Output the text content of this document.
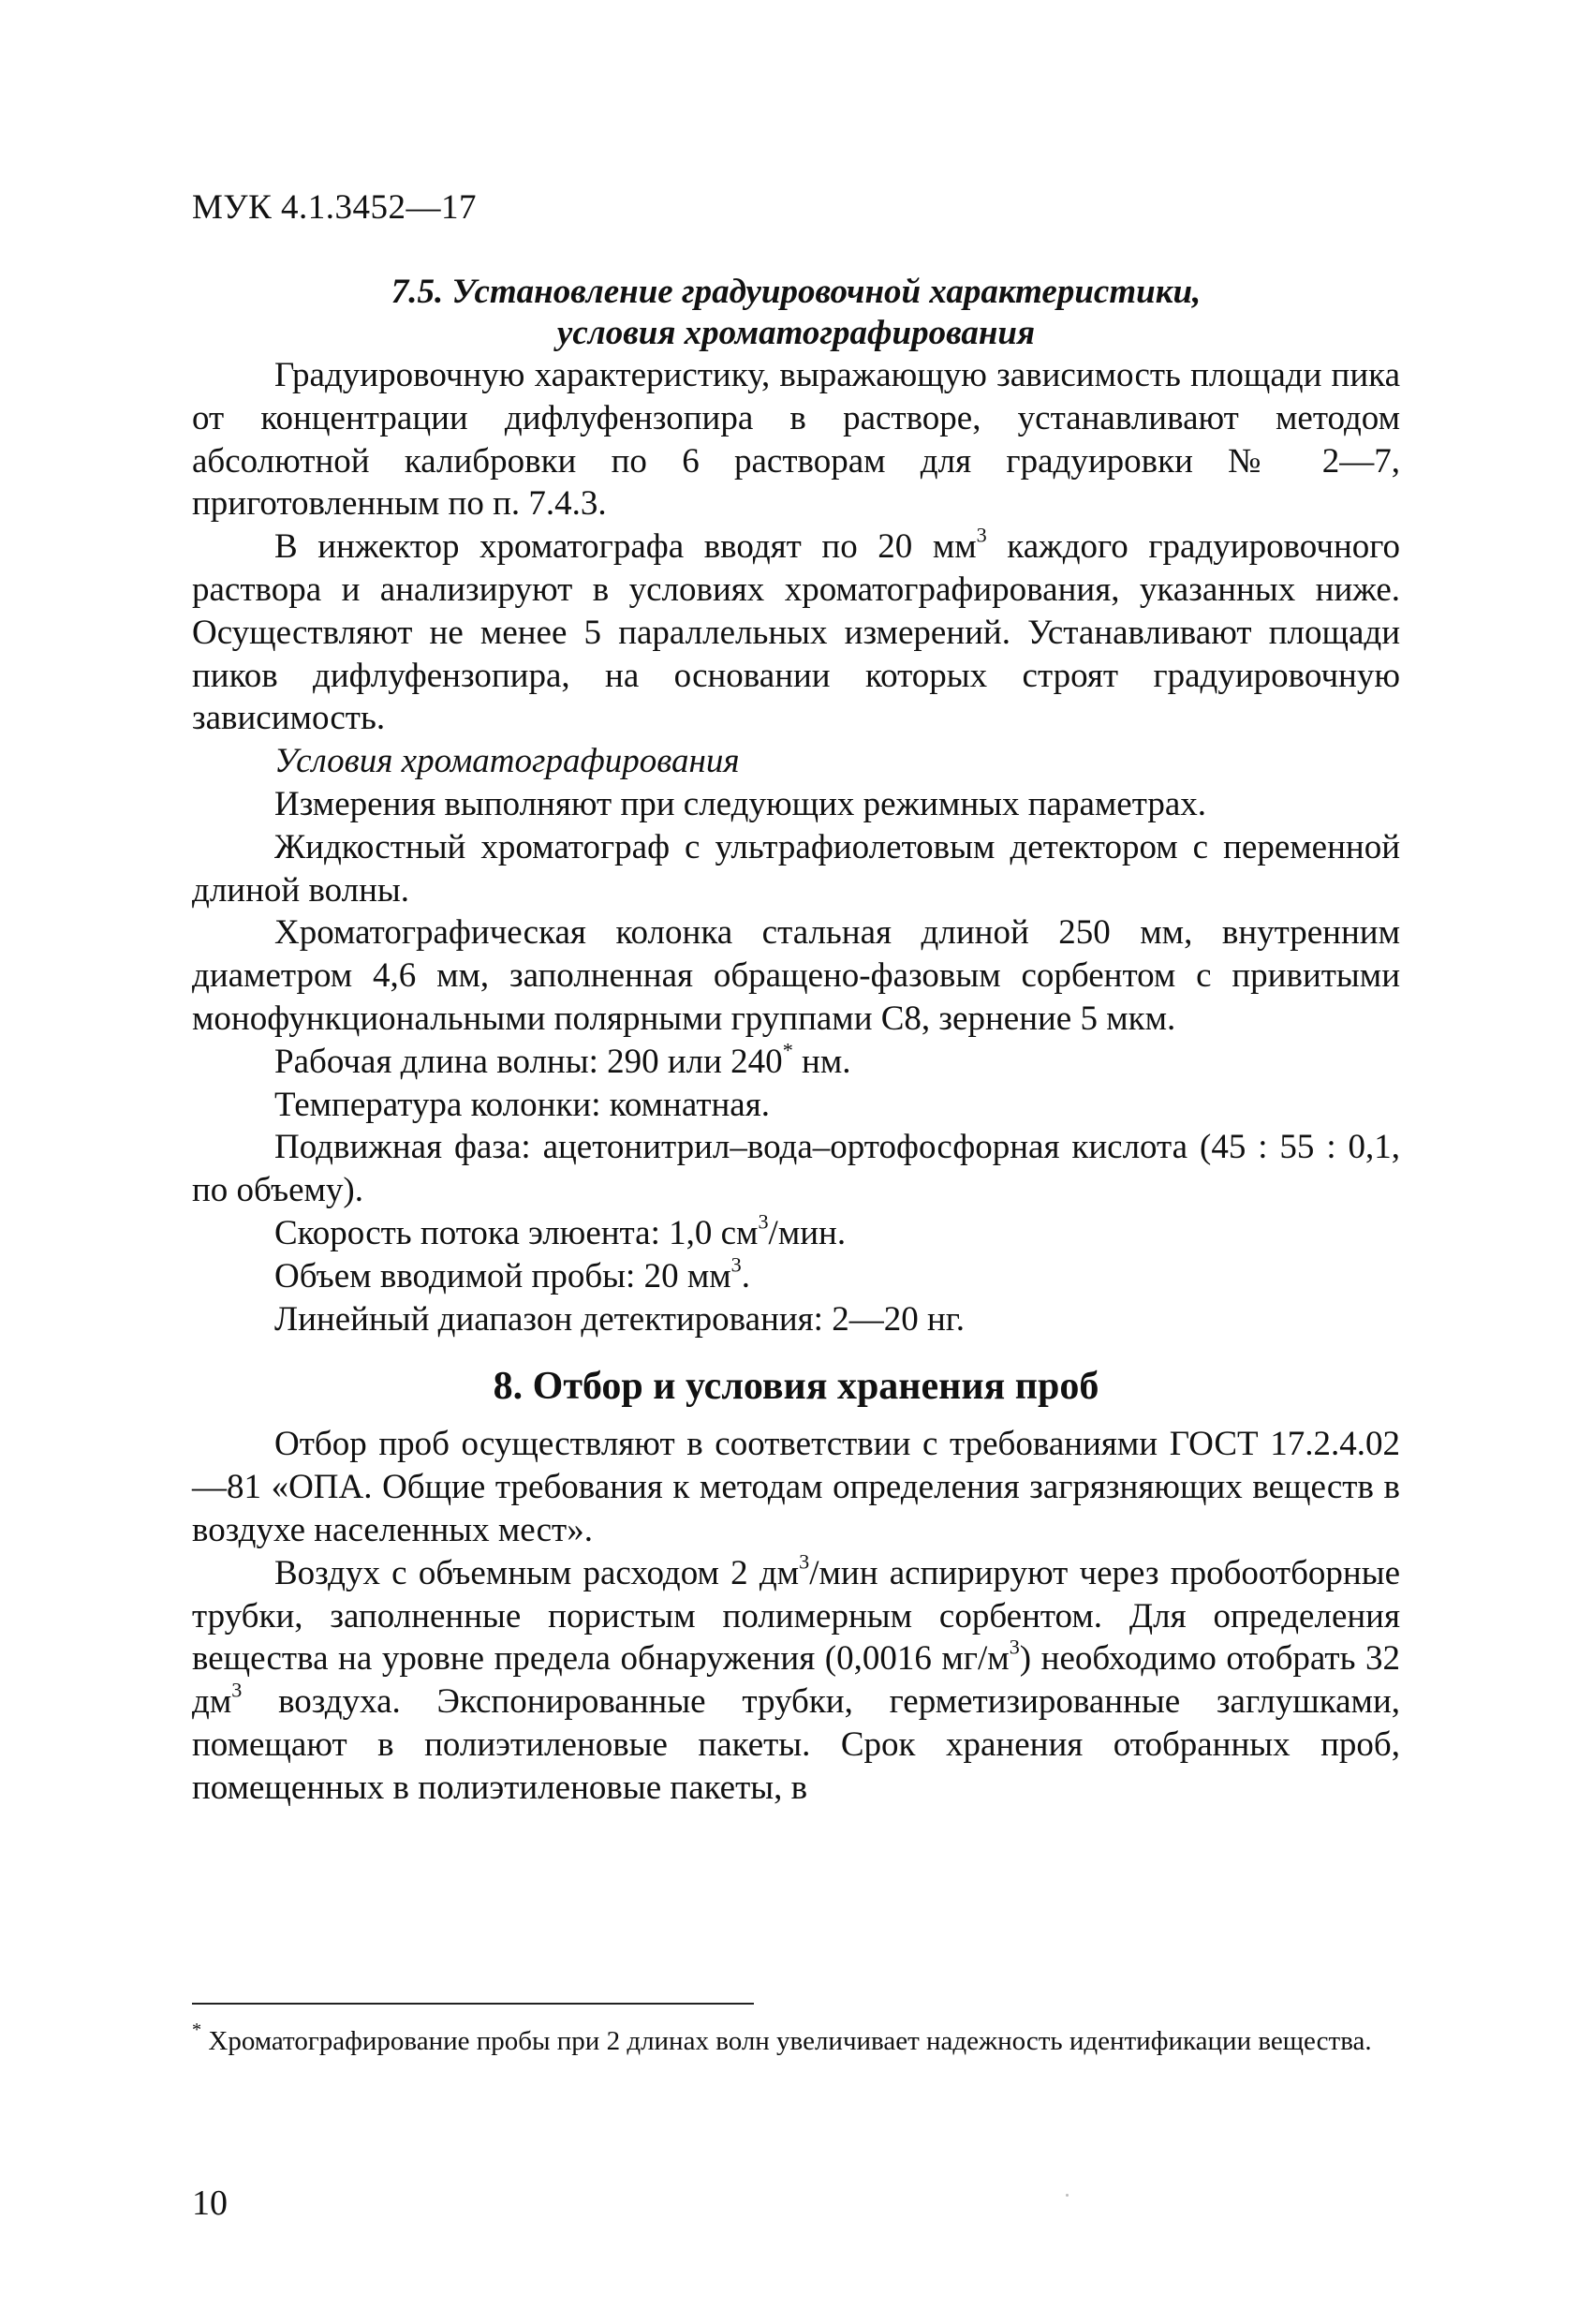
МУК 4.1.3452—17
7.5. Установление градуировочной характеристики,
условия хроматографирования

Градуировочную характеристику, выражающую зависимость площади пика от концентрации дифлуфензопира в растворе, устанавливают методом абсолютной калибровки по 6 растворам для градуировки № 2—7, приготовленным по п. 7.4.3.

В инжектор хроматографа вводят по 20 $мм^3$ каждого градуировочного раствора и анализируют в условиях хроматографирования, указанных ниже. Осуществляют не менее 5 параллельных измерений. Устанавливают площади пиков дифлуфензопира, на основании которых строят градуировочную зависимость.

Условия хроматографирования

Измерения выполняют при следующих режимных параметрах.

Жидкостный хроматограф с ультрафиолетовым детектором с переменной длиной волны.

Хроматографическая колонка стальная длиной 250 мм, внутренним диаметром 4,6 мм, заполненная обращено-фазовым сорбентом с привитыми монофункциональными полярными группами C8, зернение 5 мкм.

Рабочая длина волны: 290 или 240* нм.

Температура колонки: комнатная.

Подвижная фаза: ацетонитрил–вода–ортофосфорная кислота (45 : 55 : 0,1, по объему).

Скорость потока элюента: 1,0 $см^3$/мин.

Объем вводимой пробы: 20 $мм^3$.

Линейный диапазон детектирования: 2—20 нг.

8. Отбор и условия хранения проб

Отбор проб осуществляют в соответствии с требованиями ГОСТ 17.2.4.02—81 «ОПА. Общие требования к методам определения загрязняющих веществ в воздухе населенных мест».

Воздух с объемным расходом 2 $дм^3$/мин аспирируют через пробоотборные трубки, заполненные пористым полимерным сорбентом. Для определения вещества на уровне предела обнаружения (0,0016 $мг/м^3$) необходимо отобрать 32 $дм^3$ воздуха. Экспонированные трубки, герметизированные заглушками, помещают в полиэтиленовые пакеты. Срок хранения отобранных проб, помещенных в полиэтиленовые пакеты, в

* Хроматографирование пробы при 2 длинах волн увеличивает надежность идентификации вещества.
10
